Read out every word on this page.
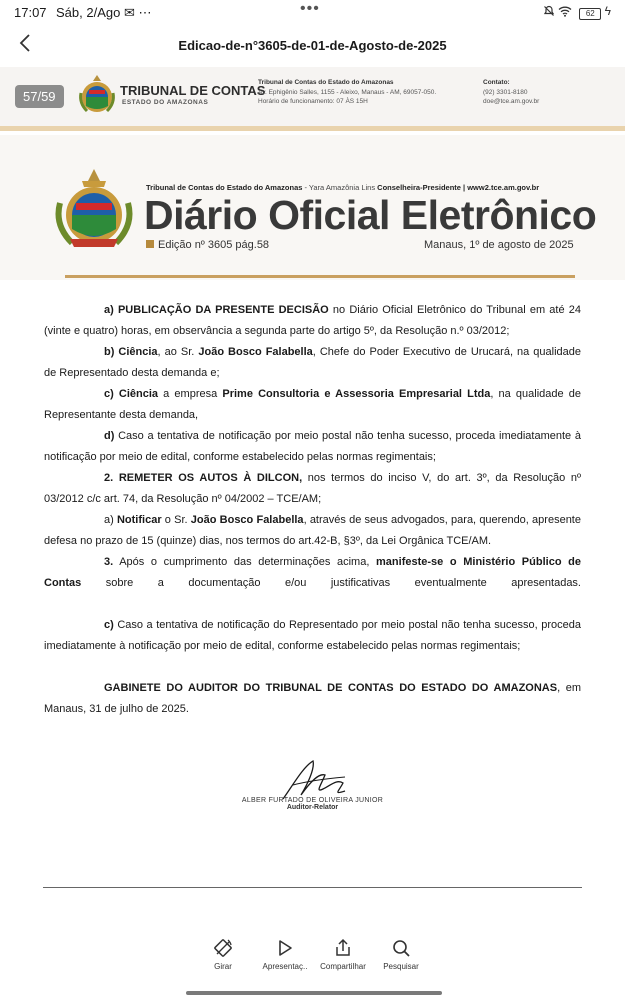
17:07 Sáb, 2/Ago ✉ ⋯	•••	62 ϟ
Edicao-de-n°3605-de-01-de-Agosto-de-2025
57/59	TRIBUNAL DE CONTAS
ESTADO DO AMAZONAS
Tribunal de Contas do Estado do Amazonas
Av. Ephigênio Salles, 1155 - Aleixo, Manaus - AM, 69057-050.
Horário de funcionamento: 07 ÀS 15H
Contato:
(92) 3301-8180
doe@tce.am.gov.br
Tribunal de Contas do Estado do Amazonas - Yara Amazônia Lins Conselheira-Presidente | www2.tce.am.gov.br
Diário Oficial Eletrônico
Edição nº 3605 pág.58	Manaus, 1º de agosto de 2025

a) PUBLICAÇÃO DA PRESENTE DECISÃO no Diário Oficial Eletrônico do Tribunal em até 24 (vinte e quatro) horas, em observância a segunda parte do artigo 5º, da Resolução n.º 03/2012;

b) Ciência, ao Sr. João Bosco Falabella, Chefe do Poder Executivo de Urucará, na qualidade de Representado desta demanda e;

c) Ciência a empresa Prime Consultoria e Assessoria Empresarial Ltda, na qualidade de Representante desta demanda,

d) Caso a tentativa de notificação por meio postal não tenha sucesso, proceda imediatamente à notificação por meio de edital, conforme estabelecido pelas normas regimentais;

2. REMETER OS AUTOS À DILCON, nos termos do inciso V, do art. 3º, da Resolução nº 03/2012 c/c art. 74, da Resolução nº 04/2002 – TCE/AM;

a) Notificar o Sr. João Bosco Falabella, através de seus advogados, para, querendo, apresente defesa no prazo de 15 (quinze) dias, nos termos do art.42-B, §3º, da Lei Orgânica TCE/AM.

3. Após o cumprimento das determinações acima, manifeste-se o Ministério Público de Contas sobre a documentação e/ou justificativas eventualmente apresentadas.

c) Caso a tentativa de notificação do Representado por meio postal não tenha sucesso, proceda imediatamente à notificação por meio de edital, conforme estabelecido pelas normas regimentais;

GABINETE DO AUDITOR DO TRIBUNAL DE CONTAS DO ESTADO DO AMAZONAS, em Manaus, 31 de julho de 2025.

ALBER FURTADO DE OLIVEIRA JUNIOR
Auditor-Relator
Girar	Apresentaç..	Compartilhar	Pesquisar
